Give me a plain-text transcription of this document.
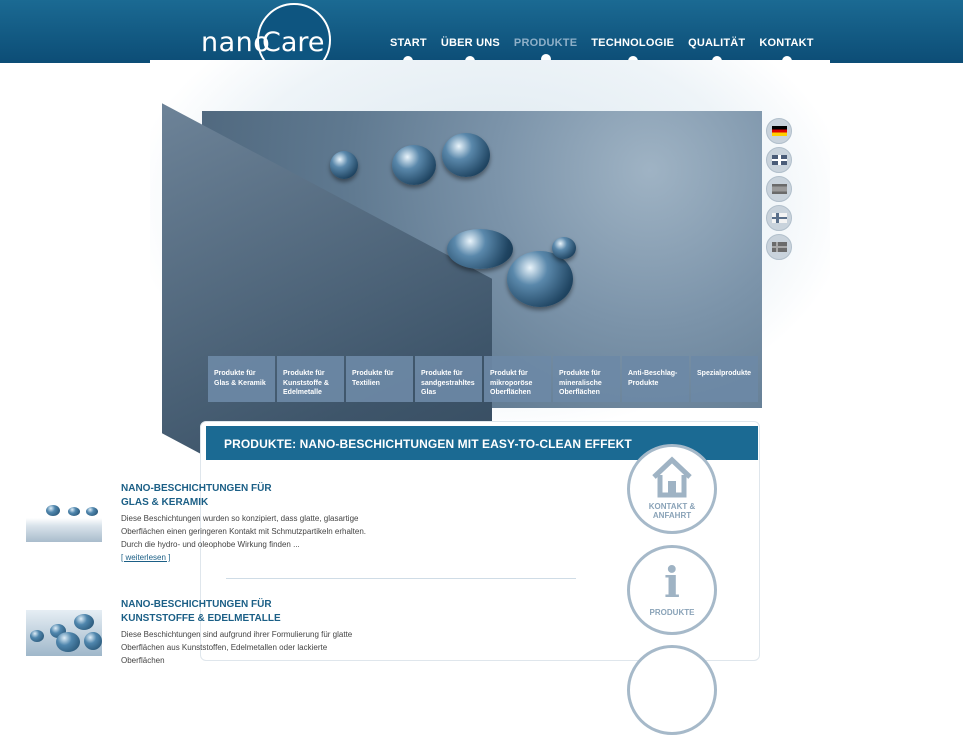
nano
Care	START ÜBER UNS PRODUKTE TECHNOLOGIE QUALITÄT KONTAKT
Produkte für Glas & Keramik
Produkte für Kunststoffe & Edelmetalle
Produkte für Textilien
Produkte für sandgestrahltes Glas
Produkt für mikroporöse Oberflächen
Produkte für mineralische Oberflächen
Anti-Beschlag-Produkte
Spezialprodukte
PRODUKTE: NANO-BESCHICHTUNGEN MIT EASY-TO-CLEAN EFFEKT
NANO-BESCHICHTUNGEN FÜR
GLAS & KERAMIK
Diese Beschichtungen wurden so konzipiert, dass glatte, glasartige Oberflächen einen geringeren Kontakt mit Schmutzpartikeln erhalten. Durch die hydro- und oleophobe Wirkung finden ...
[ weiterlesen ]
NANO-BESCHICHTUNGEN FÜR
KUNSTSTOFFE & EDELMETALLE
Diese Beschichtungen sind aufgrund ihrer Formulierung für glatte Oberflächen aus Kunststoffen, Edelmetallen oder lackierte Oberflächen
KONTAKT &
ANFAHRT
i
PRODUKTE
